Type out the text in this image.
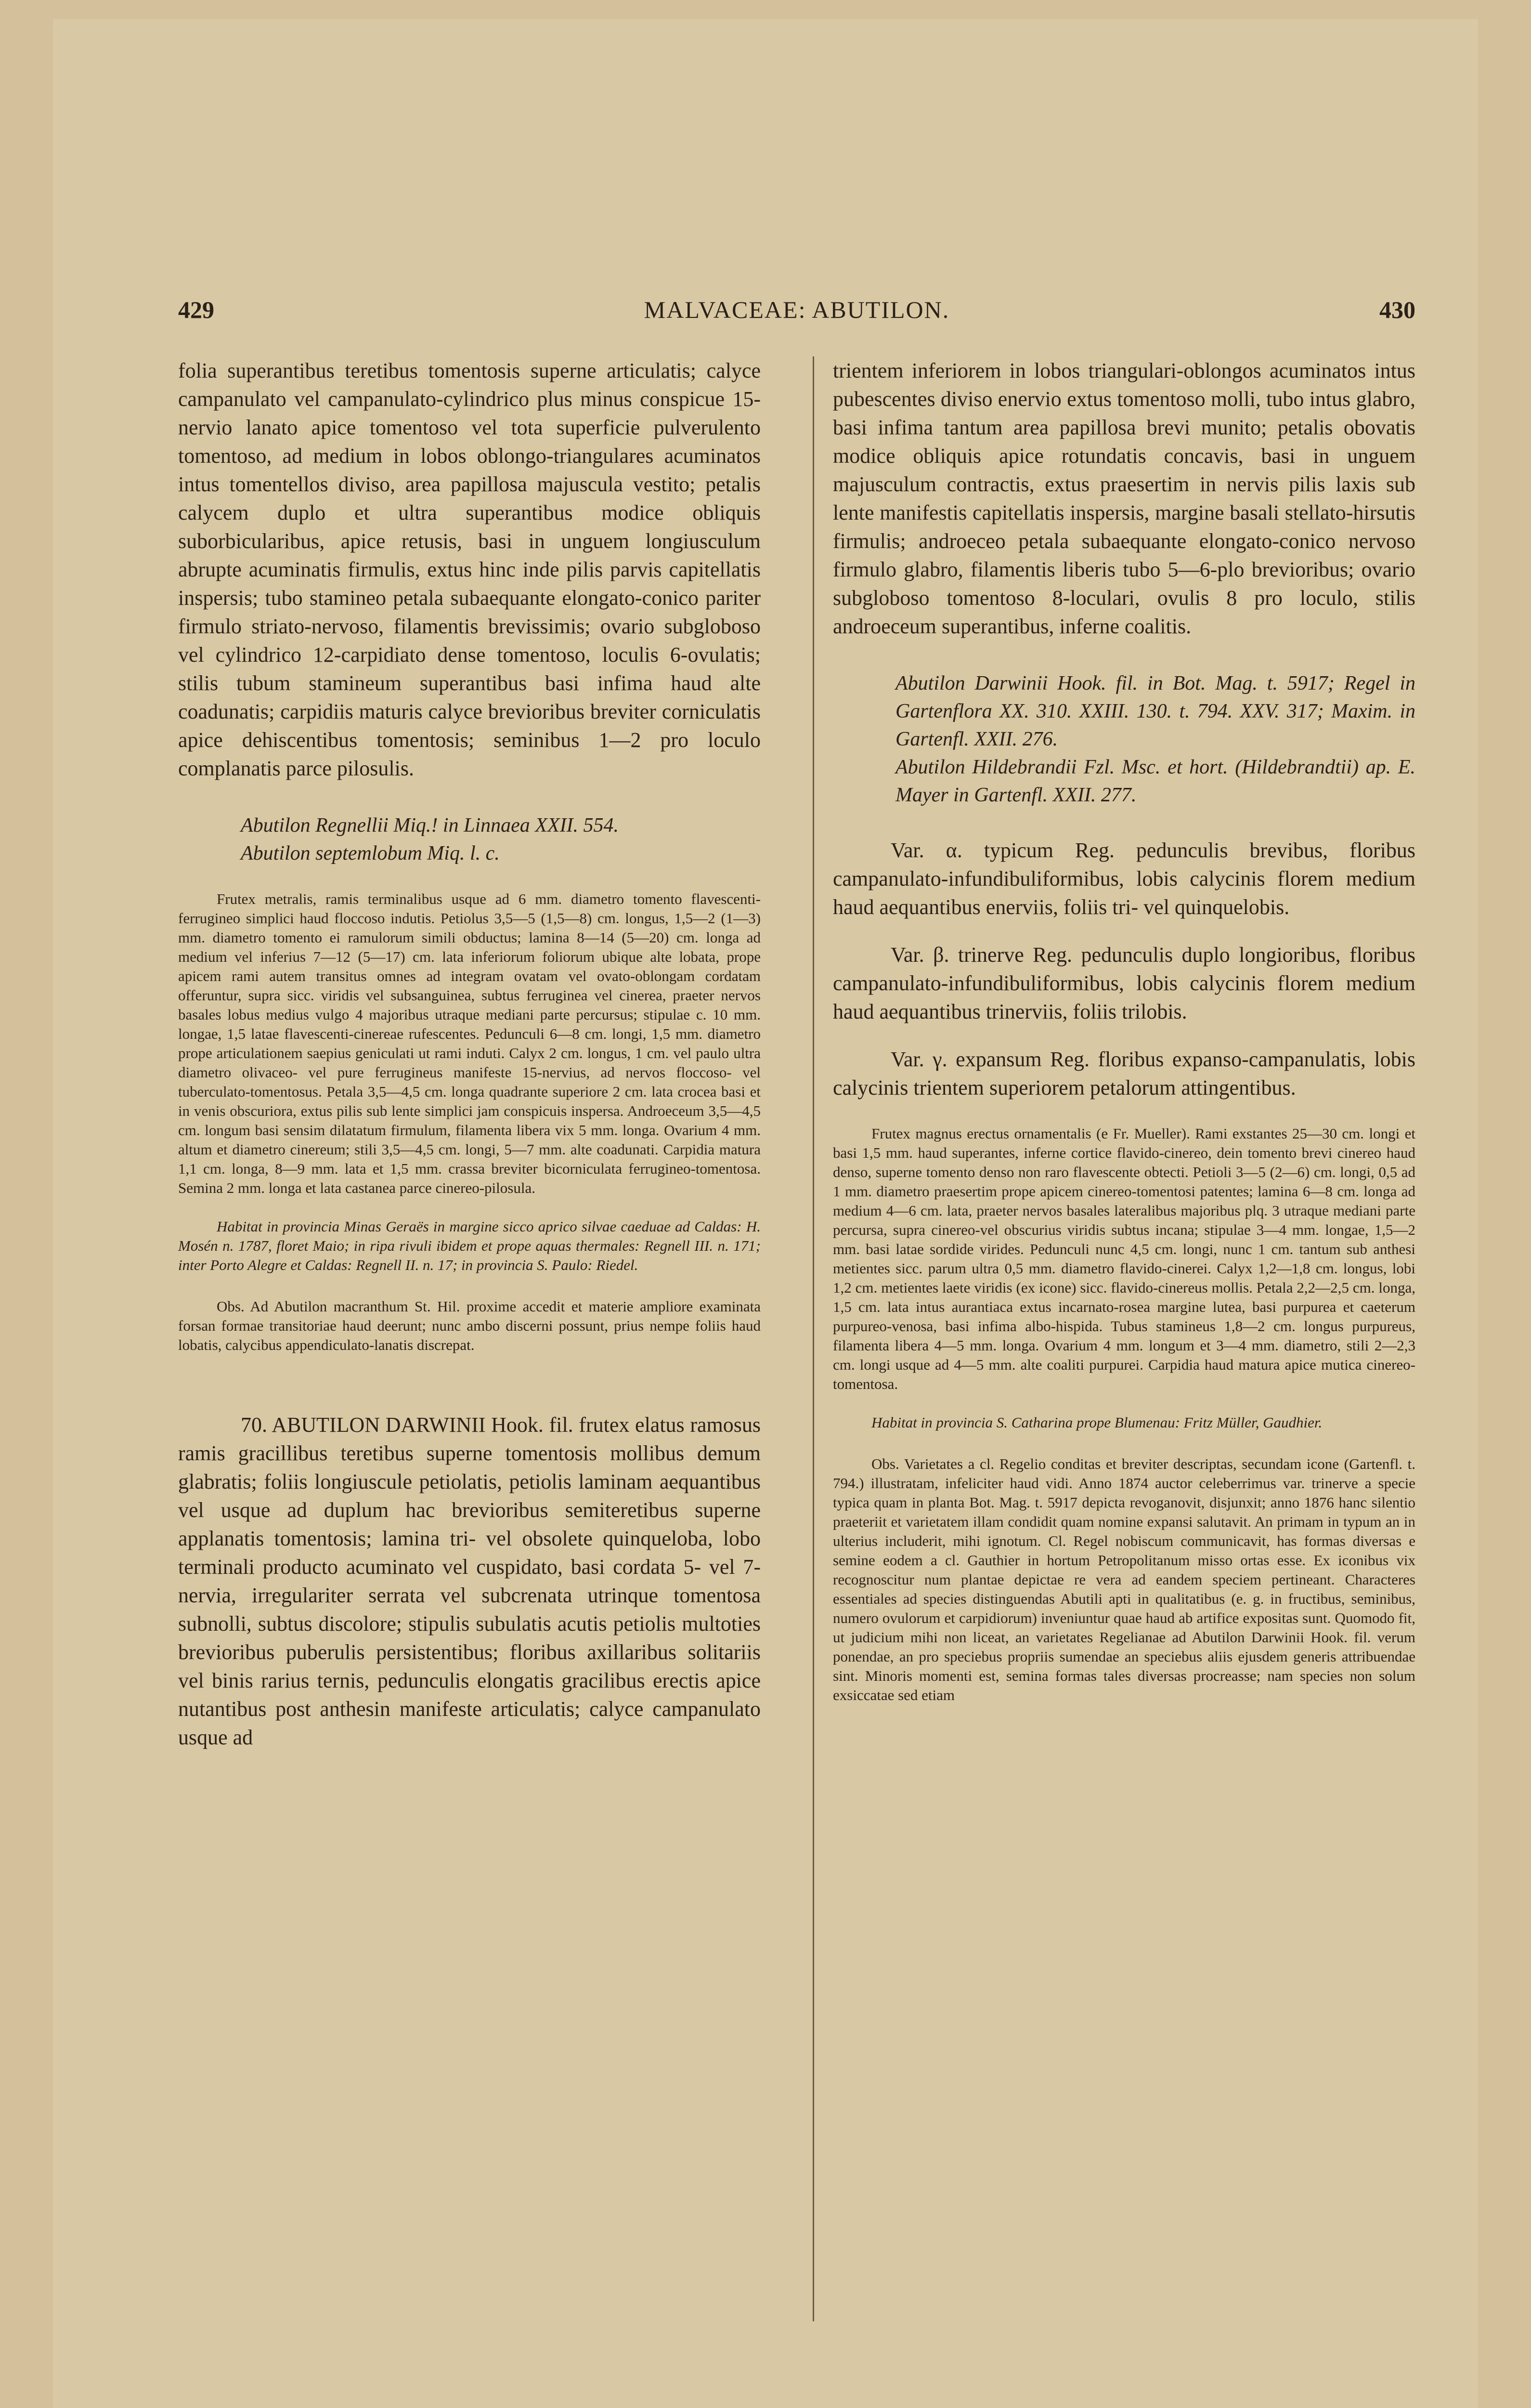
429	MALVACEAE: ABUTILON.	430

folia superantibus teretibus tomentosis superne articulatis; calyce campanulato vel campanulato-cylindrico plus minus conspicue 15-nervio lanato apice tomentoso vel tota superficie pulverulento tomentoso, ad medium in lobos oblongo-triangulares acuminatos intus tomentellos diviso, area papillosa majuscula vestito; petalis calycem duplo et ultra superantibus modice obliquis suborbicularibus, apice retusis, basi in unguem longiusculum abrupte acuminatis firmulis, extus hinc inde pilis parvis capitellatis inspersis; tubo stamineo petala subaequante elongato-conico pariter firmulo striato-nervoso, filamentis brevissimis; ovario subgloboso vel cylindrico 12-carpidiato dense tomentoso, loculis 6-ovulatis; stilis tubum stamineum superantibus basi infima haud alte coadunatis; carpidiis maturis calyce brevioribus breviter corniculatis apice dehiscentibus tomentosis; seminibus 1—2 pro loculo complanatis parce pilosulis.

Abutilon Regnellii Miq.! in Linnaea XXII. 554.

Abutilon septemlobum Miq. l. c.

Frutex metralis, ramis terminalibus usque ad 6 mm. diametro tomento flavescenti-ferrugineo simplici haud floccoso indutis. Petiolus 3,5—5 (1,5—8) cm. longus, 1,5—2 (1—3) mm. diametro tomento ei ramulorum simili obductus; lamina 8—14 (5—20) cm. longa ad medium vel inferius 7—12 (5—17) cm. lata inferiorum foliorum ubique alte lobata, prope apicem rami autem transitus omnes ad integram ovatam vel ovato-oblongam cordatam offeruntur, supra sicc. viridis vel subsanguinea, subtus ferruginea vel cinerea, praeter nervos basales lobus medius vulgo 4 majoribus utraque mediani parte percursus; stipulae c. 10 mm. longae, 1,5 latae flavescenti-cinereae rufescentes. Pedunculi 6—8 cm. longi, 1,5 mm. diametro prope articulationem saepius geniculati ut rami induti. Calyx 2 cm. longus, 1 cm. vel paulo ultra diametro olivaceo- vel pure ferrugineus manifeste 15-nervius, ad nervos floccoso- vel tuberculato-tomentosus. Petala 3,5—4,5 cm. longa quadrante superiore 2 cm. lata crocea basi et in venis obscuriora, extus pilis sub lente simplici jam conspicuis inspersa. Androeceum 3,5—4,5 cm. longum basi sensim dilatatum firmulum, filamenta libera vix 5 mm. longa. Ovarium 4 mm. altum et diametro cinereum; stili 3,5—4,5 cm. longi, 5—7 mm. alte coadunati. Carpidia matura 1,1 cm. longa, 8—9 mm. lata et 1,5 mm. crassa breviter bicorniculata ferrugineo-tomentosa. Semina 2 mm. longa et lata castanea parce cinereo-pilosula.

Habitat in provincia Minas Geraës in margine sicco aprico silvae caeduae ad Caldas: H. Mosén n. 1787, floret Maio; in ripa rivuli ibidem et prope aquas thermales: Regnell III. n. 171; inter Porto Alegre et Caldas: Regnell II. n. 17; in provincia S. Paulo: Riedel.

Obs. Ad Abutilon macranthum St. Hil. proxime accedit et materie ampliore examinata forsan formae transitoriae haud deerunt; nunc ambo discerni possunt, prius nempe foliis haud lobatis, calycibus appendiculato-lanatis discrepat.

70. ABUTILON DARWINII Hook. fil. frutex elatus ramosus ramis gracillibus teretibus superne tomentosis mollibus demum glabratis; foliis longiuscule petiolatis, petiolis laminam aequantibus vel usque ad duplum hac brevioribus semiteretibus superne applanatis tomentosis; lamina tri- vel obsolete quinqueloba, lobo terminali producto acuminato vel cuspidato, basi cordata 5- vel 7-nervia, irregulariter serrata vel subcrenata utrinque tomentosa subnolli, subtus discolore; stipulis subulatis acutis petiolis multoties brevioribus puberulis persistentibus; floribus axillaribus solitariis vel binis rarius ternis, pedunculis elongatis gracilibus erectis apice nutantibus post anthesin manifeste articulatis; calyce campanulato usque ad

trientem inferiorem in lobos triangulari-oblongos acuminatos intus pubescentes diviso enervio extus tomentoso molli, tubo intus glabro, basi infima tantum area papillosa brevi munito; petalis obovatis modice obliquis apice rotundatis concavis, basi in unguem majusculum contractis, extus praesertim in nervis pilis laxis sub lente manifestis capitellatis inspersis, margine basali stellato-hirsutis firmulis; androeceo petala subaequante elongato-conico nervoso firmulo glabro, filamentis liberis tubo 5—6-plo brevioribus; ovario subgloboso tomentoso 8-loculari, ovulis 8 pro loculo, stilis androeceum superantibus, inferne coalitis.

Abutilon Darwinii Hook. fil. in Bot. Mag. t. 5917; Regel in Gartenflora XX. 310. XXIII. 130. t. 794. XXV. 317; Maxim. in Gartenfl. XXII. 276.

Abutilon Hildebrandii Fzl. Msc. et hort. (Hildebrandtii) ap. E. Mayer in Gartenfl. XXII. 277.

Var. α. typicum Reg. pedunculis brevibus, floribus campanulato-infundibuliformibus, lobis calycinis florem medium haud aequantibus enerviis, foliis tri- vel quinquelobis.

Var. β. trinerve Reg. pedunculis duplo longioribus, floribus campanulato-infundibuliformibus, lobis calycinis florem medium haud aequantibus trinerviis, foliis trilobis.

Var. γ. expansum Reg. floribus expanso-campanulatis, lobis calycinis trientem superiorem petalorum attingentibus.

Frutex magnus erectus ornamentalis (e Fr. Mueller). Rami exstantes 25—30 cm. longi et basi 1,5 mm. haud superantes, inferne cortice flavido-cinereo, dein tomento brevi cinereo haud denso, superne tomento denso non raro flavescente obtecti. Petioli 3—5 (2—6) cm. longi, 0,5 ad 1 mm. diametro praesertim prope apicem cinereo-tomentosi patentes; lamina 6—8 cm. longa ad medium 4—6 cm. lata, praeter nervos basales lateralibus majoribus plq. 3 utraque mediani parte percursa, supra cinereo-vel obscurius viridis subtus incana; stipulae 3—4 mm. longae, 1,5—2 mm. basi latae sordide virides. Pedunculi nunc 4,5 cm. longi, nunc 1 cm. tantum sub anthesi metientes sicc. parum ultra 0,5 mm. diametro flavido-cinerei. Calyx 1,2—1,8 cm. longus, lobi 1,2 cm. metientes laete viridis (ex icone) sicc. flavido-cinereus mollis. Petala 2,2—2,5 cm. longa, 1,5 cm. lata intus aurantiaca extus incarnato-rosea margine lutea, basi purpurea et caeterum purpureo-venosa, basi infima albo-hispida. Tubus stamineus 1,8—2 cm. longus purpureus, filamenta libera 4—5 mm. longa. Ovarium 4 mm. longum et 3—4 mm. diametro, stili 2—2,3 cm. longi usque ad 4—5 mm. alte coaliti purpurei. Carpidia haud matura apice mutica cinereo-tomentosa.

Habitat in provincia S. Catharina prope Blumenau: Fritz Müller, Gaudhier.

Obs. Varietates a cl. Regelio conditas et breviter descriptas, secundam icone (Gartenfl. t. 794.) illustratam, infeliciter haud vidi. Anno 1874 auctor celeberrimus var. trinerve a specie typica quam in planta Bot. Mag. t. 5917 depicta revoganovit, disjunxit; anno 1876 hanc silentio praeteriit et varietatem illam condidit quam nomine expansi salutavit. An primam in typum an in ulterius includerit, mihi ignotum. Cl. Regel nobiscum communicavit, has formas diversas e semine eodem a cl. Gauthier in hortum Petropolitanum misso ortas esse. Ex iconibus vix recognoscitur num plantae depictae re vera ad eandem speciem pertineant. Characteres essentiales ad species distinguendas Abutili apti in qualitatibus (e. g. in fructibus, seminibus, numero ovulorum et carpidiorum) inveniuntur quae haud ab artifice expositas sunt. Quomodo fit, ut judicium mihi non liceat, an varietates Regelianae ad Abutilon Darwinii Hook. fil. verum ponendae, an pro speciebus propriis sumendae an speciebus aliis ejusdem generis attribuendae sint. Minoris momenti est, semina formas tales diversas procreasse; nam species non solum exsiccatae sed etiam
